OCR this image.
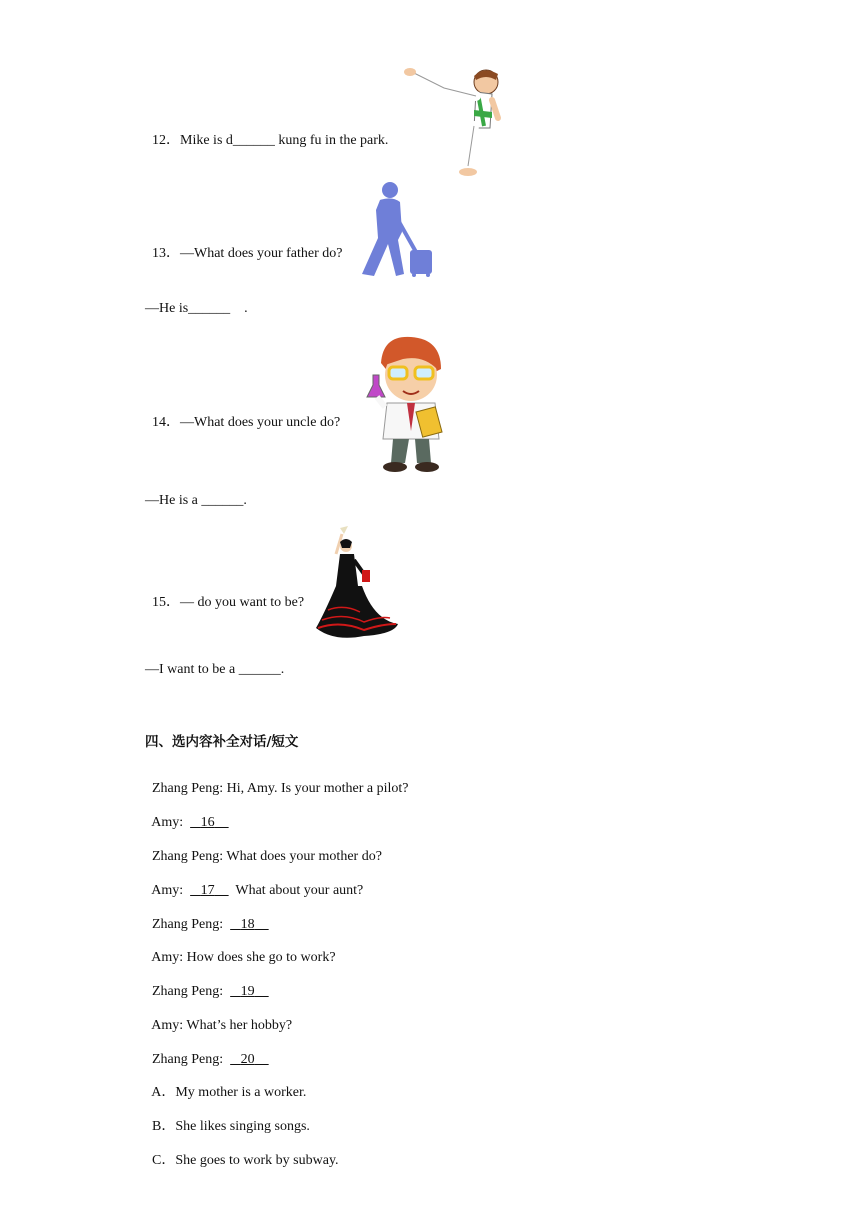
12．Mike is d______ kung fu in the park.

13．—What does your father do?

—He is______    .

14．—What does your uncle do?

—He is a ______.

15．— do you want to be?

—I want to be a ______.
四、选内容补全对话/短文

Zhang Peng: Hi, Amy. Is your mother a pilot?

Amy: 16

Zhang Peng: What does your mother do?

Amy: 17      What about your aunt?

Zhang Peng: 18

Amy: How does she go to work?

Zhang Peng: 19

Amy: What’s her hobby?

Zhang Peng: 20

A．My mother is a worker.

B．She likes singing songs.

C．She goes to work by subway.
